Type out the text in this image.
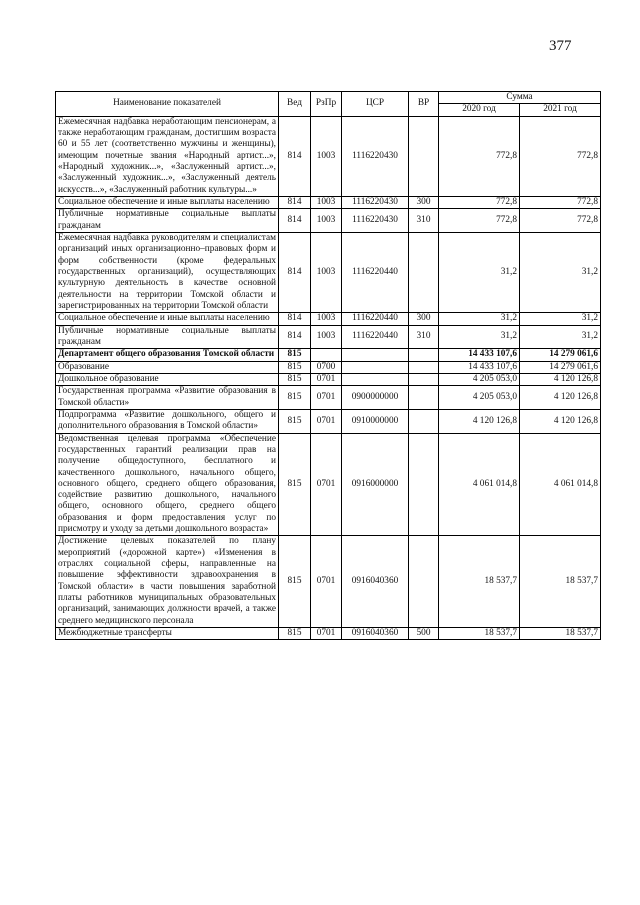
377
Наименование показателей	Вед	РзПр	ЦСР	ВР	Сумма	
					2020 год	2021 год
Ежемесячная надбавка неработающим пенсионерам, а также неработающим гражданам, достигшим возраста 60 и 55 лет (соответственно мужчины и женщины), имеющим почетные звания «Народный артист...», «Народный художник...», «Заслуженный артист...», «Заслуженный художник...», «Заслуженный деятель искусств...», «Заслуженный работник культуры...»	814	1003	1116220430		772,8	772,8
Социальное обеспечение и иные выплаты населению	814	1003	1116220430	300	772,8	772,8
Публичные нормативные социальные выплаты гражданам	814	1003	1116220430	310	772,8	772,8
Ежемесячная надбавка руководителям и специалистам организаций иных организационно–правовых форм и форм собственности (кроме федеральных государственных организаций), осуществляющих культурную деятельность в качестве основной деятельности на территории Томской области и зарегистрированных на территории Томской области	814	1003	1116220440		31,2	31,2
Социальное обеспечение и иные выплаты населению	814	1003	1116220440	300	31,2	31,2
Публичные нормативные социальные выплаты гражданам	814	1003	1116220440	310	31,2	31,2
Департамент общего образования Томской области	815				14 433 107,6	14 279 061,6
Образование	815	0700			14 433 107,6	14 279 061,6
Дошкольное образование	815	0701			4 205 053,0	4 120 126,8
Государственная программа «Развитие образования в Томской области»	815	0701	0900000000		4 205 053,0	4 120 126,8
Подпрограмма «Развитие дошкольного, общего и дополнительного образования в Томской области»	815	0701	0910000000		4 120 126,8	4 120 126,8
Ведомственная целевая программа «Обеспечение государственных гарантий реализации прав на получение общедоступного, бесплатного и качественного дошкольного, начального общего, основного общего, среднего общего образования, содействие развитию дошкольного, начального общего, основного общего, среднего общего образования и форм предоставления услуг по присмотру и уходу за детьми дошкольного возраста»	815	0701	0916000000		4 061 014,8	4 061 014,8
Достижение целевых показателей по плану мероприятий («дорожной карте») «Изменения в отраслях социальной сферы, направленные на повышение эффективности здравоохранения в Томской области» в части повышения заработной платы работников муниципальных образовательных организаций, занимающих должности врачей, а также среднего медицинского персонала	815	0701	0916040360		18 537,7	18 537,7
Межбюджетные трансферты	815	0701	0916040360	500	18 537,7	18 537,7
